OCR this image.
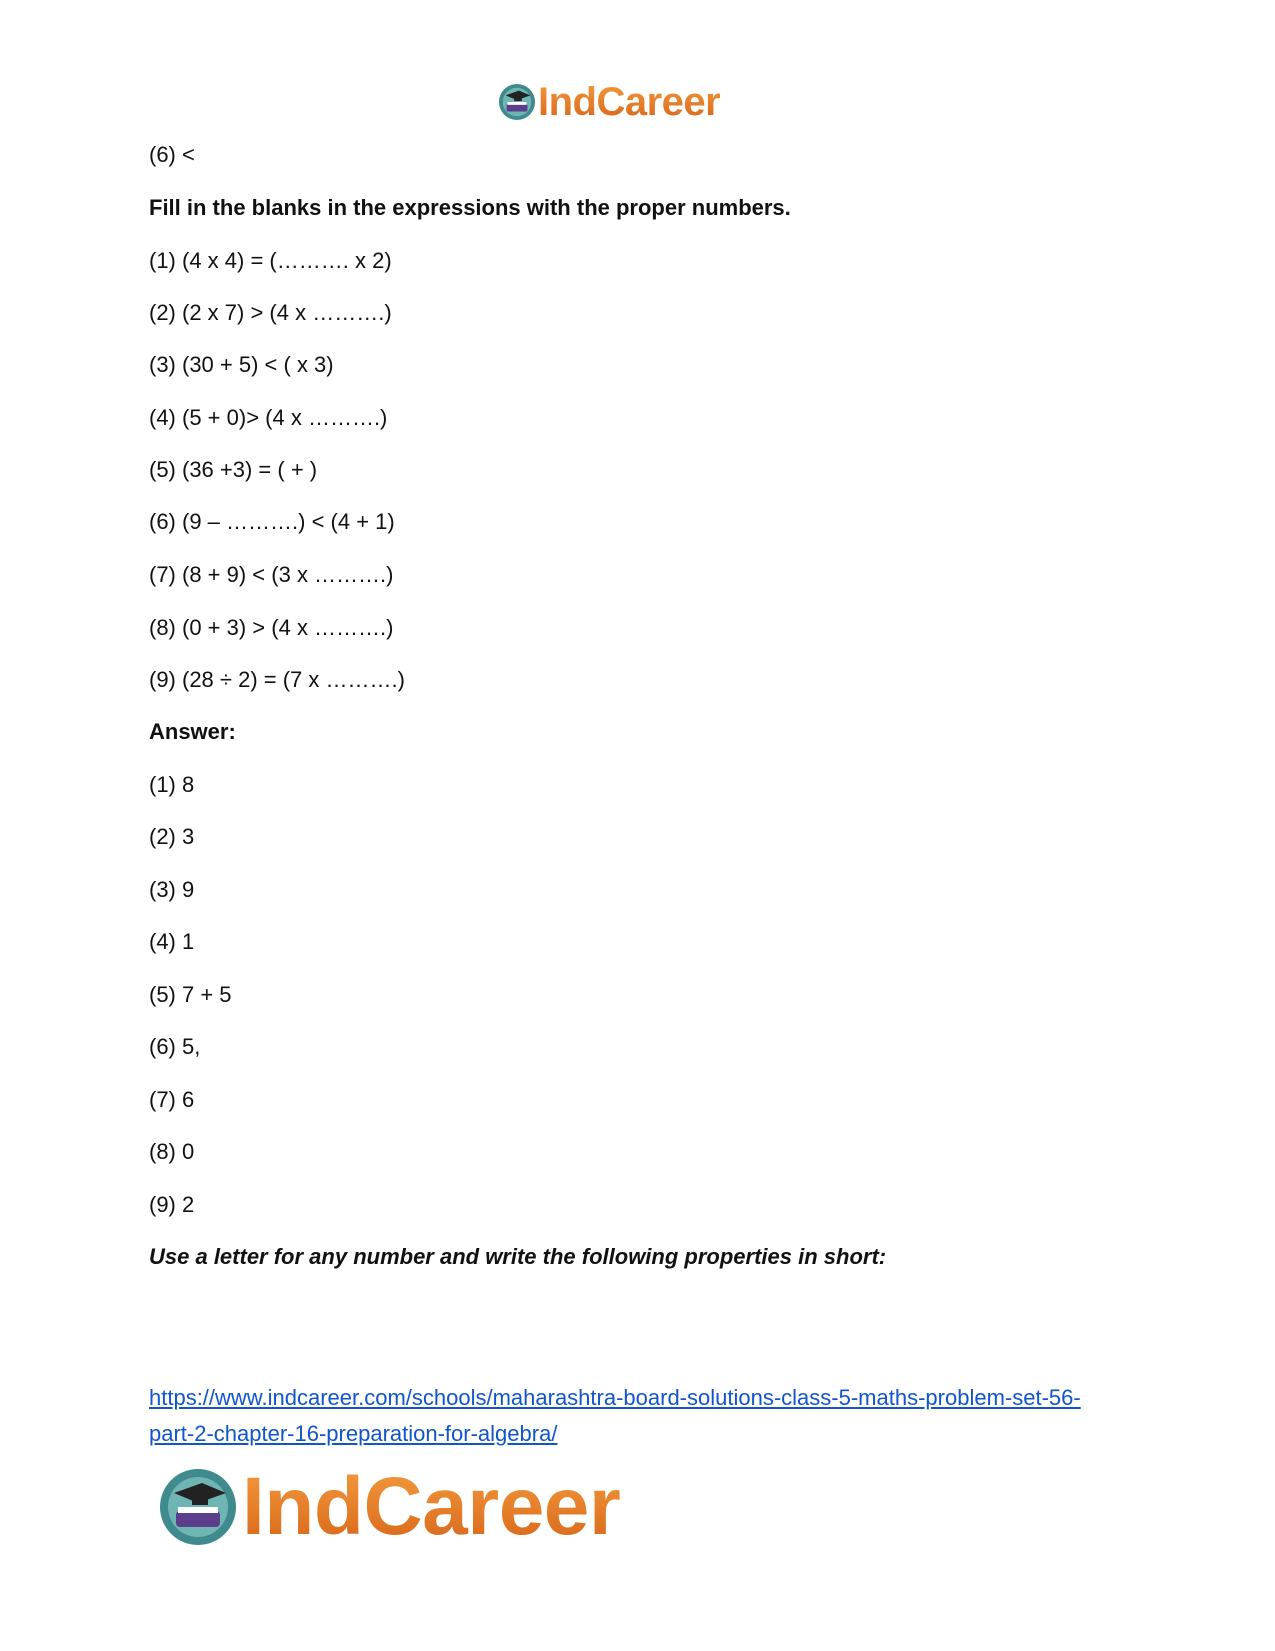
IndCareer
(6) <
Fill in the blanks in the expressions with the proper numbers.
(1) (4 x 4) = (………. x 2)
(2) (2 x 7) > (4 x ……….)
(3) (30 + 5) < ( x 3)
(4) (5 + 0)> (4 x ……….)
(5) (36 +3) = ( + )
(6) (9 – ……….) < (4 + 1)
(7) (8 + 9) < (3 x ……….)
(8) (0 + 3) > (4 x ……….)
(9) (28 ÷ 2) = (7 x ……….)
Answer:
(1) 8
(2) 3
(3) 9
(4) 1
(5) 7 + 5
(6) 5,
(7) 6
(8) 0
(9) 2
Use a letter for any number and write the following properties in short:
https://www.indcareer.com/schools/maharashtra-board-solutions-class-5-maths-problem-set-56-
part-2-chapter-16-preparation-for-algebra/
IndCareer
